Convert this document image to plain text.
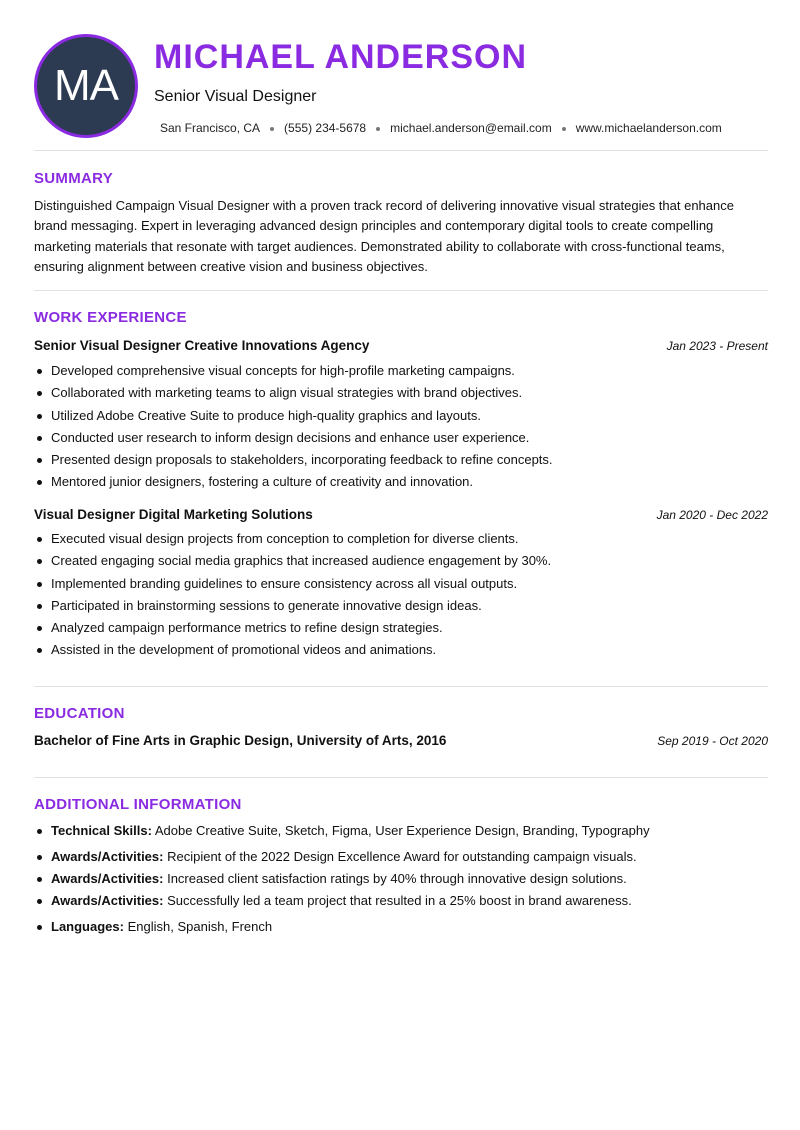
MA
MICHAEL ANDERSON
Senior Visual Designer
San Francisco, CA (555) 234-5678 michael.anderson@email.com www.michaelanderson.com
SUMMARY
Distinguished Campaign Visual Designer with a proven track record of delivering innovative visual strategies that enhance brand messaging. Expert in leveraging advanced design principles and contemporary digital tools to create compelling marketing materials that resonate with target audiences. Demonstrated ability to collaborate with cross-functional teams, ensuring alignment between creative vision and business objectives.
WORK EXPERIENCE
Senior Visual Designer Creative Innovations Agency	Jan 2023 - Present
Developed comprehensive visual concepts for high-profile marketing campaigns.
Collaborated with marketing teams to align visual strategies with brand objectives.
Utilized Adobe Creative Suite to produce high-quality graphics and layouts.
Conducted user research to inform design decisions and enhance user experience.
Presented design proposals to stakeholders, incorporating feedback to refine concepts.
Mentored junior designers, fostering a culture of creativity and innovation.
Visual Designer Digital Marketing Solutions	Jan 2020 - Dec 2022
Executed visual design projects from conception to completion for diverse clients.
Created engaging social media graphics that increased audience engagement by 30%.
Implemented branding guidelines to ensure consistency across all visual outputs.
Participated in brainstorming sessions to generate innovative design ideas.
Analyzed campaign performance metrics to refine design strategies.
Assisted in the development of promotional videos and animations.
EDUCATION
Bachelor of Fine Arts in Graphic Design, University of Arts, 2016	Sep 2019 - Oct 2020
ADDITIONAL INFORMATION
Technical Skills: Adobe Creative Suite, Sketch, Figma, User Experience Design, Branding, Typography
Awards/Activities: Recipient of the 2022 Design Excellence Award for outstanding campaign visuals.
Awards/Activities: Increased client satisfaction ratings by 40% through innovative design solutions.
Awards/Activities: Successfully led a team project that resulted in a 25% boost in brand awareness.
Languages: English, Spanish, French
